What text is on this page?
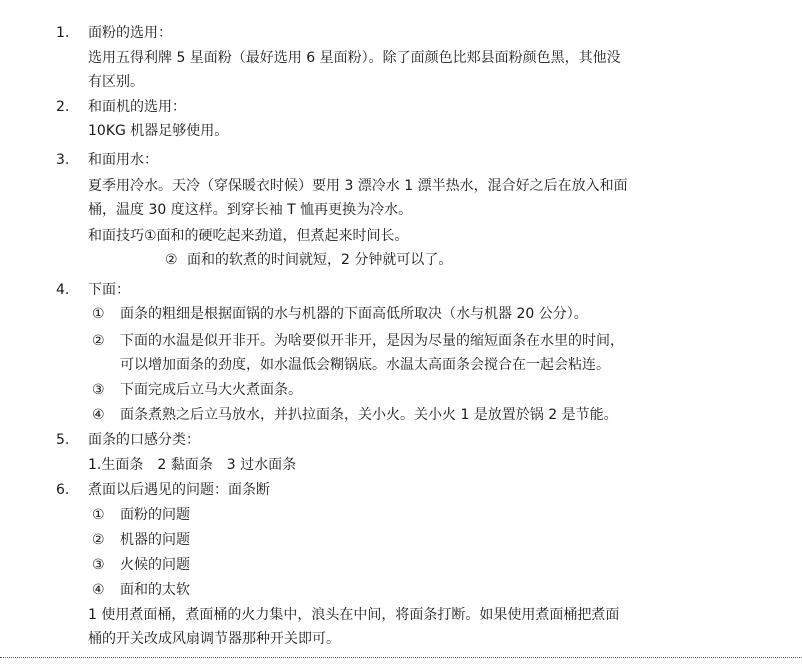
1.	面粉的选用：
选用五得利牌 5 星面粉（最好选用 6 星面粉）。除了面颜色比郏县面粉颜色黑，其他没
有区别。
2.	和面机的选用：
10KG 机器足够使用。
3.	和面用水：
夏季用冷水。天冷（穿保暖衣时候）要用 3 漂冷水 1 漂半热水，混合好之后在放入和面
桶，温度 30 度这样。到穿长袖 T 恤再更换为冷水。
和面技巧①面和的硬吃起来劲道，但煮起来时间长。
② 面和的软煮的时间就短，2 分钟就可以了。
4.	下面：
① 面条的粗细是根据面锅的水与机器的下面高低所取决（水与机器 20 公分）。
② 下面的水温是似开非开。为啥要似开非开，是因为尽量的缩短面条在水里的时间，
可以增加面条的劲度，如水温低会糊锅底。水温太高面条会搅合在一起会粘连。
③ 下面完成后立马大火煮面条。
④ 面条煮熟之后立马放水，并扒拉面条，关小火。关小火 1 是放置於锅 2 是节能。
5.	面条的口感分类：
1.生面条　2 黏面条　3 过水面条
6.	煮面以后遇见的问题：面条断
① 面粉的问题
② 机器的问题
③ 火候的问题
④ 面和的太软
1 使用煮面桶，煮面桶的火力集中，浪头在中间，将面条打断。如果使用煮面桶把煮面
桶的开关改成风扇调节器那种开关即可。
